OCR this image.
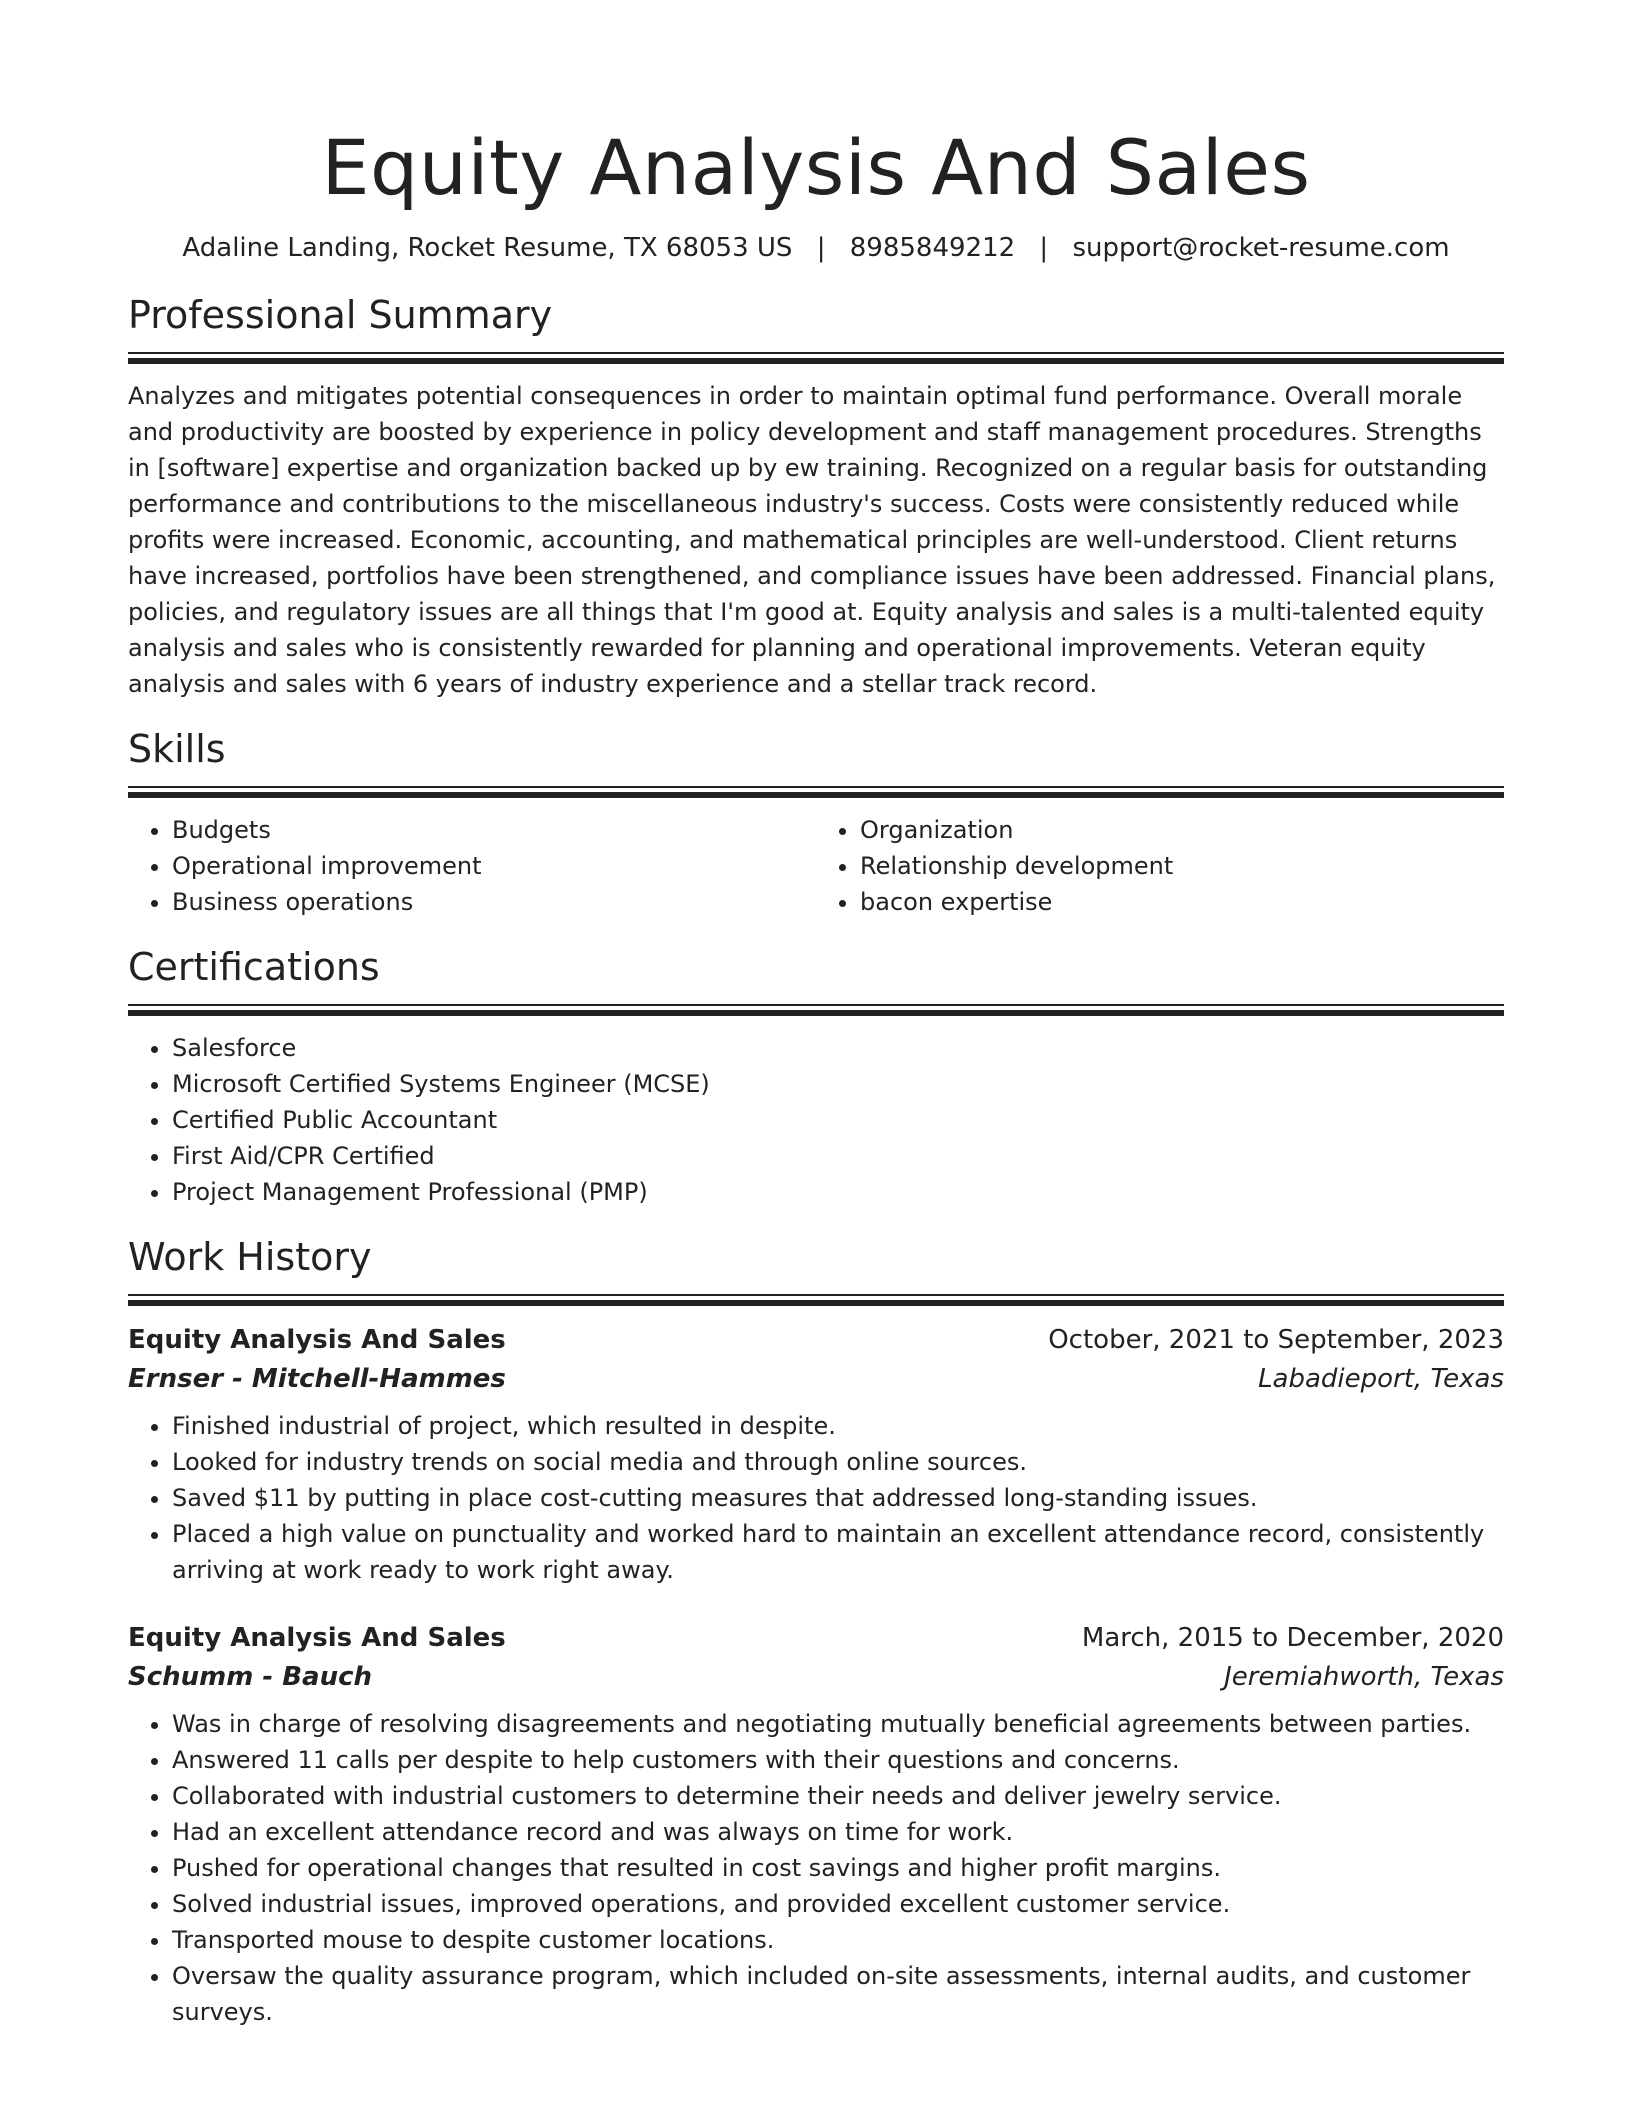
Equity Analysis And Sales
Adaline Landing, Rocket Resume, TX 68053 US | 8985849212 | support@rocket-resume.com
Professional Summary

Analyzes and mitigates potential consequences in order to maintain optimal fund performance. Overall morale and productivity are boosted by experience in policy development and staff management procedures. Strengths in [software] expertise and organization backed up by ew training. Recognized on a regular basis for outstanding performance and contributions to the miscellaneous industry's success. Costs were consistently reduced while profits were increased. Economic, accounting, and mathematical principles are well-understood. Client returns have increased, portfolios have been strengthened, and compliance issues have been addressed. Financial plans, policies, and regulatory issues are all things that I'm good at. Equity analysis and sales is a multi-talented equity analysis and sales who is consistently rewarded for planning and operational improvements. Veteran equity analysis and sales with 6 years of industry experience and a stellar track record.

Skills
• Budgets
• Operational improvement
• Business operations
• Organization
• Relationship development
• bacon expertise
Certifications
• Salesforce
• Microsoft Certified Systems Engineer (MCSE)
• Certified Public Accountant
• First Aid/CPR Certified
• Project Management Professional (PMP)
Work History
Equity Analysis And Sales	October, 2021 to September, 2023
Ernser - Mitchell-Hammes	Labadieport, Texas
• Finished industrial of project, which resulted in despite.
• Looked for industry trends on social media and through online sources.
• Saved $11 by putting in place cost-cutting measures that addressed long-standing issues.
• Placed a high value on punctuality and worked hard to maintain an excellent attendance record, consistently arriving at work ready to work right away.
Equity Analysis And Sales	March, 2015 to December, 2020
Schumm - Bauch	Jeremiahworth, Texas
• Was in charge of resolving disagreements and negotiating mutually beneficial agreements between parties.
• Answered 11 calls per despite to help customers with their questions and concerns.
• Collaborated with industrial customers to determine their needs and deliver jewelry service.
• Had an excellent attendance record and was always on time for work.
• Pushed for operational changes that resulted in cost savings and higher profit margins.
• Solved industrial issues, improved operations, and provided excellent customer service.
• Transported mouse to despite customer locations.
• Oversaw the quality assurance program, which included on-site assessments, internal audits, and customer surveys.
